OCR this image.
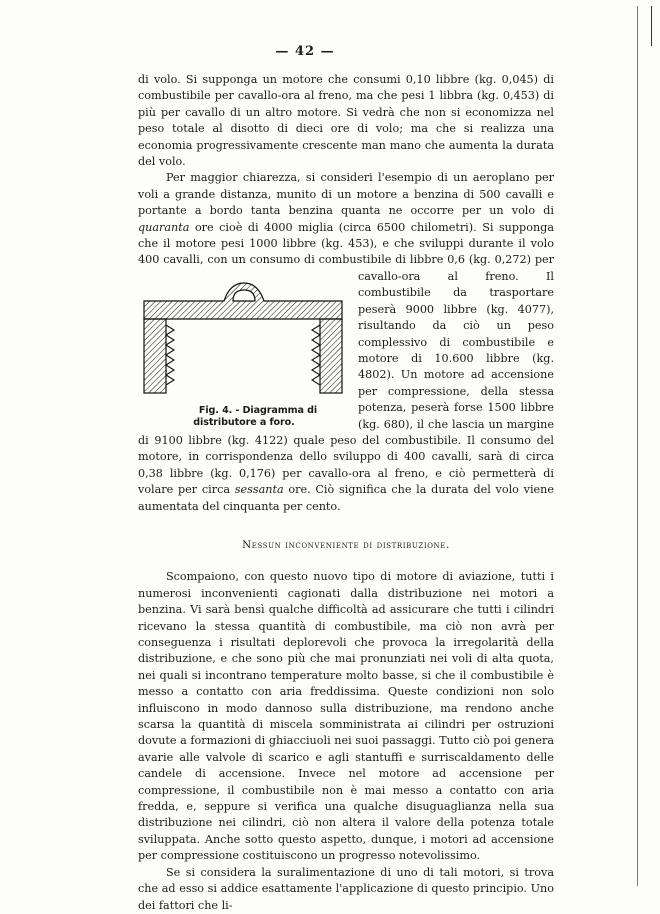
— 42 —

di volo. Si supponga un motore che consumi 0,10 libbre (kg. 0,045) di combustibile per cavallo-ora al freno, ma che pesi 1 libbra (kg. 0,453) di più per cavallo di un altro motore. Si vedrà che non si economizza nel peso totale al disotto di dieci ore di volo; ma che si realizza una economia progressivamente crescente man mano che aumenta la durata del volo.

Per maggior chiarezza, si consideri l'esempio di un aeroplano per voli a grande distanza, munito di un motore a benzina di 500 cavalli e portante a bordo tanta benzina quanta ne occorre per un volo di quaranta ore cioè di 4000 miglia (circa 6500 chilometri). Si supponga che il motore pesi 1000 libbre (kg. 453), e che sviluppi durante il volo 400 cavalli, con un consumo di combustibile di libbre 0,6 (kg. 0,272)
Fig. 4. - Diagramma di distributore a foro.
per cavallo-ora al freno. Il combustibile da trasportare peserà 9000 libbre (kg. 4077), risultando da ciò un peso complessivo di combustibile e motore di 10.600 libbre (kg. 4802). Un motore ad accensione per compressione, della stessa potenza, peserà forse 1500 libbre (kg. 680), il che lascia un margine di 9100 libbre (kg. 4122) quale peso del combustibile. Il consumo del motore, in corrispondenza dello sviluppo di 400 cavalli, sarà di circa 0,38 libbre (kg. 0,176) per cavallo-ora al freno, e ciò permetterà di volare per circa sessanta ore. Ciò significa che la durata del volo viene aumentata del cinquanta per cento.

Nessun inconveniente di distribuzione.

Scompaiono, con questo nuovo tipo di motore di aviazione, tutti i numerosi inconvenienti cagionati dalla distribuzione nei motori a benzina. Vi sarà bensì qualche difficoltà ad assicurare che tutti i cilindri ricevano la stessa quantità di combustibile, ma ciò non avrà per conseguenza i risultati deplorevoli che provoca la irregolarità della distribuzione, e che sono più che mai pronunziati nei voli di alta quota, nei quali si incontrano temperature molto basse, si che il combustibile è messo a contatto con aria freddissima. Queste condizioni non solo influiscono in modo dannoso sulla distribuzione, ma rendono anche scarsa la quantità di miscela somministrata ai cilindri per ostruzioni dovute a formazioni di ghiacciuoli nei suoi passaggi. Tutto ciò poi genera avarie alle valvole di scarico e agli stantuffi e surriscaldamento delle candele di accensione. Invece nel motore ad accensione per compressione, il combustibile non è mai messo a contatto con aria fredda, e, seppure si verifica una qualche disuguaglianza nella sua distribuzione nei cilindri, ciò non altera il valore della potenza totale sviluppata. Anche sotto questo aspetto, dunque, i motori ad accensione per compressione costituiscono un progresso notevolissimo.

Se si considera la suralimentazione di uno di tali motori, si trova che ad esso si addice esattamente l'applicazione di questo principio. Uno dei fattori che li-
